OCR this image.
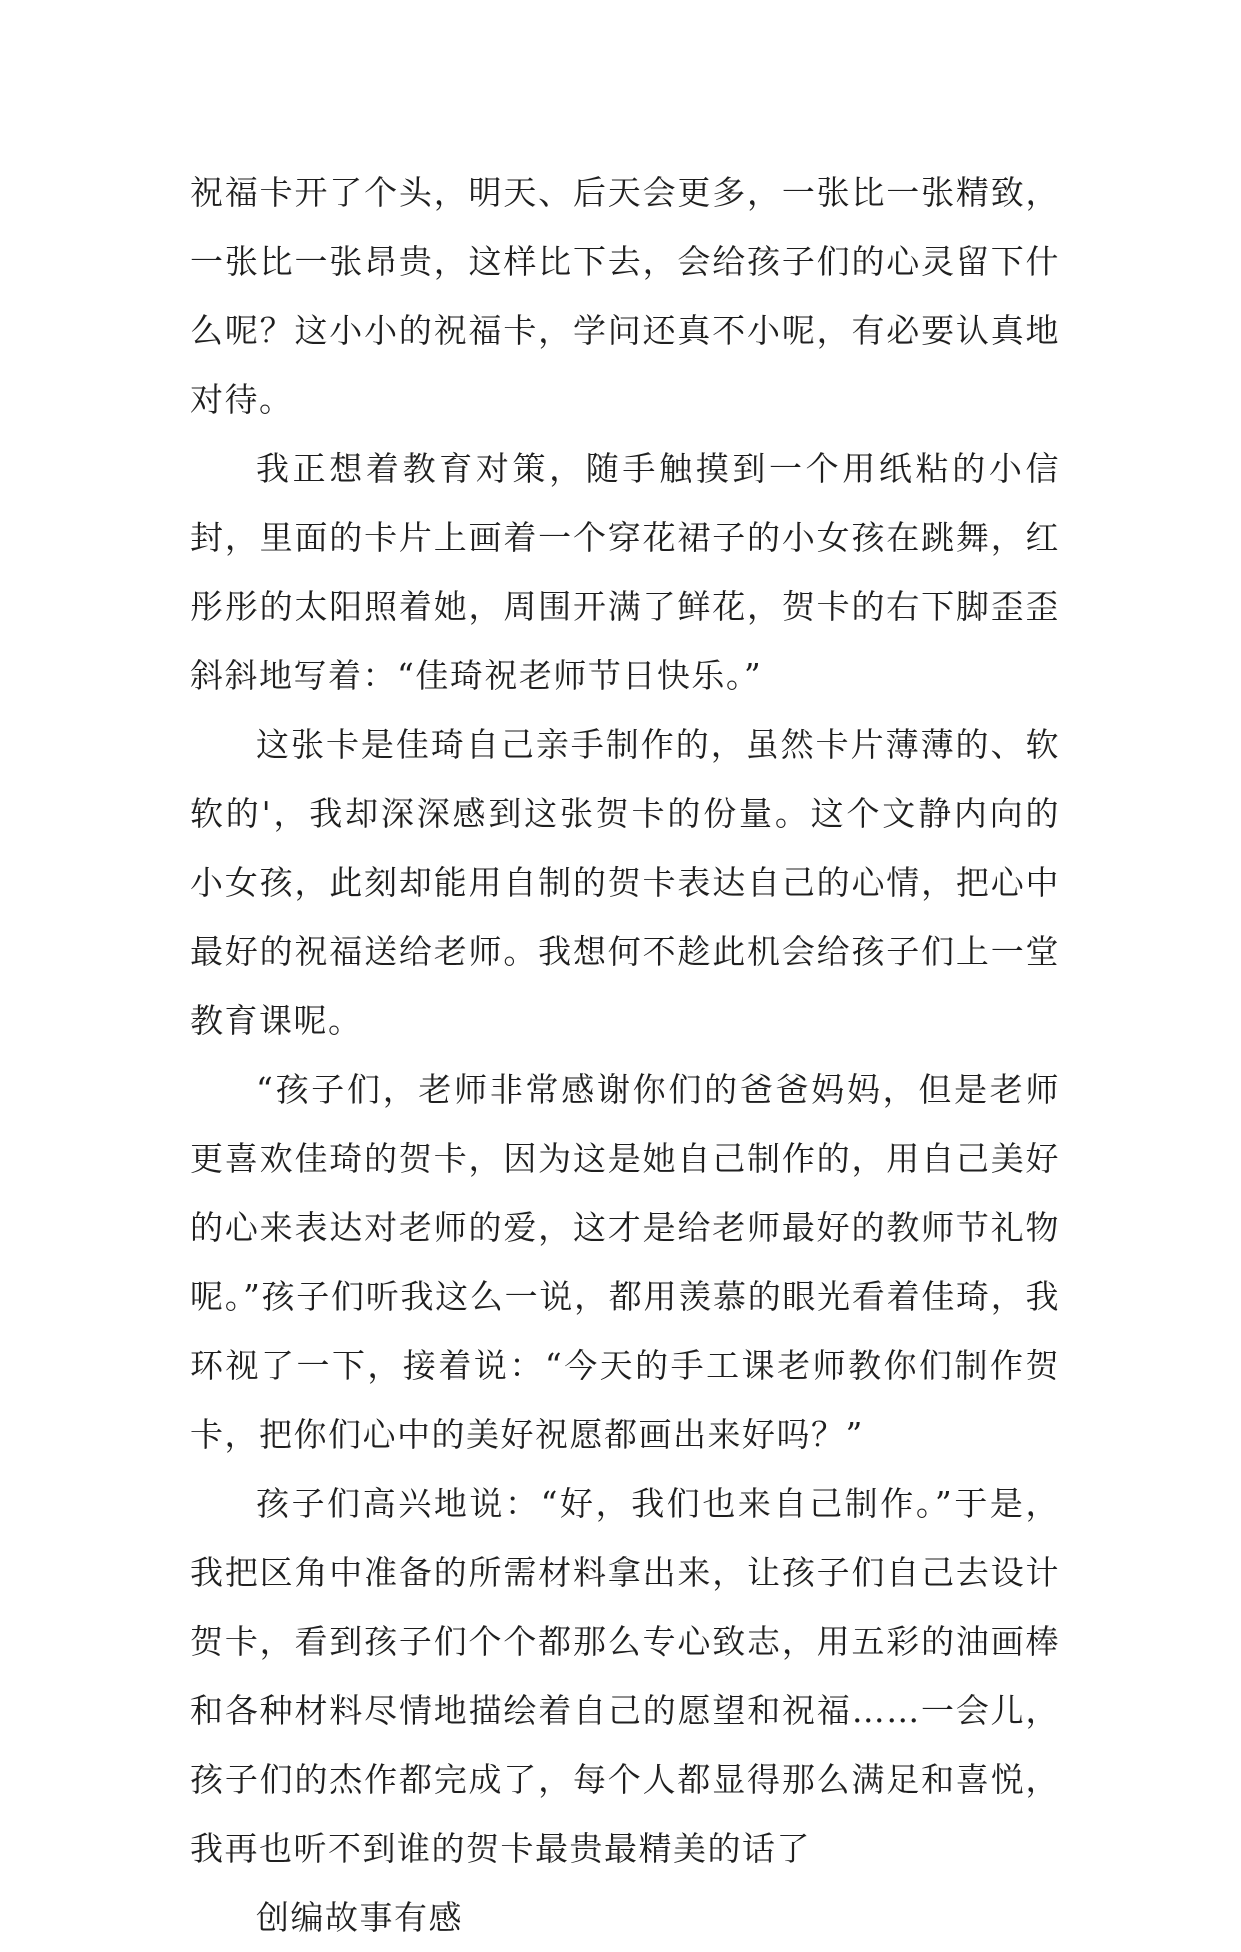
祝福卡开了个头，明天、后天会更多，一张比一张精致，一张比一张昂贵，这样比下去，会给孩子们的心灵留下什么呢？这小小的祝福卡，学问还真不小呢，有必要认真地对待。

我正想着教育对策，随手触摸到一个用纸粘的小信封，里面的卡片上画着一个穿花裙子的小女孩在跳舞，红彤彤的太阳照着她，周围开满了鲜花，贺卡的右下脚歪歪斜斜地写着：“佳琦祝老师节日快乐。”

这张卡是佳琦自己亲手制作的，虽然卡片薄薄的、软软的'，我却深深感到这张贺卡的份量。这个文静内向的小女孩，此刻却能用自制的贺卡表达自己的心情，把心中最好的祝福送给老师。我想何不趁此机会给孩子们上一堂教育课呢。

“孩子们，老师非常感谢你们的爸爸妈妈，但是老师更喜欢佳琦的贺卡，因为这是她自己制作的，用自己美好的心来表达对老师的爱，这才是给老师最好的教师节礼物呢。”孩子们听我这么一说，都用羡慕的眼光看着佳琦，我环视了一下，接着说：“今天的手工课老师教你们制作贺卡，把你们心中的美好祝愿都画出来好吗？”

孩子们高兴地说：“好，我们也来自己制作。”于是，我把区角中准备的所需材料拿出来，让孩子们自己去设计贺卡，看到孩子们个个都那么专心致志，用五彩的油画棒和各种材料尽情地描绘着自己的愿望和祝福……一会儿，孩子们的杰作都完成了，每个人都显得那么满足和喜悦，我再也听不到谁的贺卡最贵最精美的话了

创编故事有感
